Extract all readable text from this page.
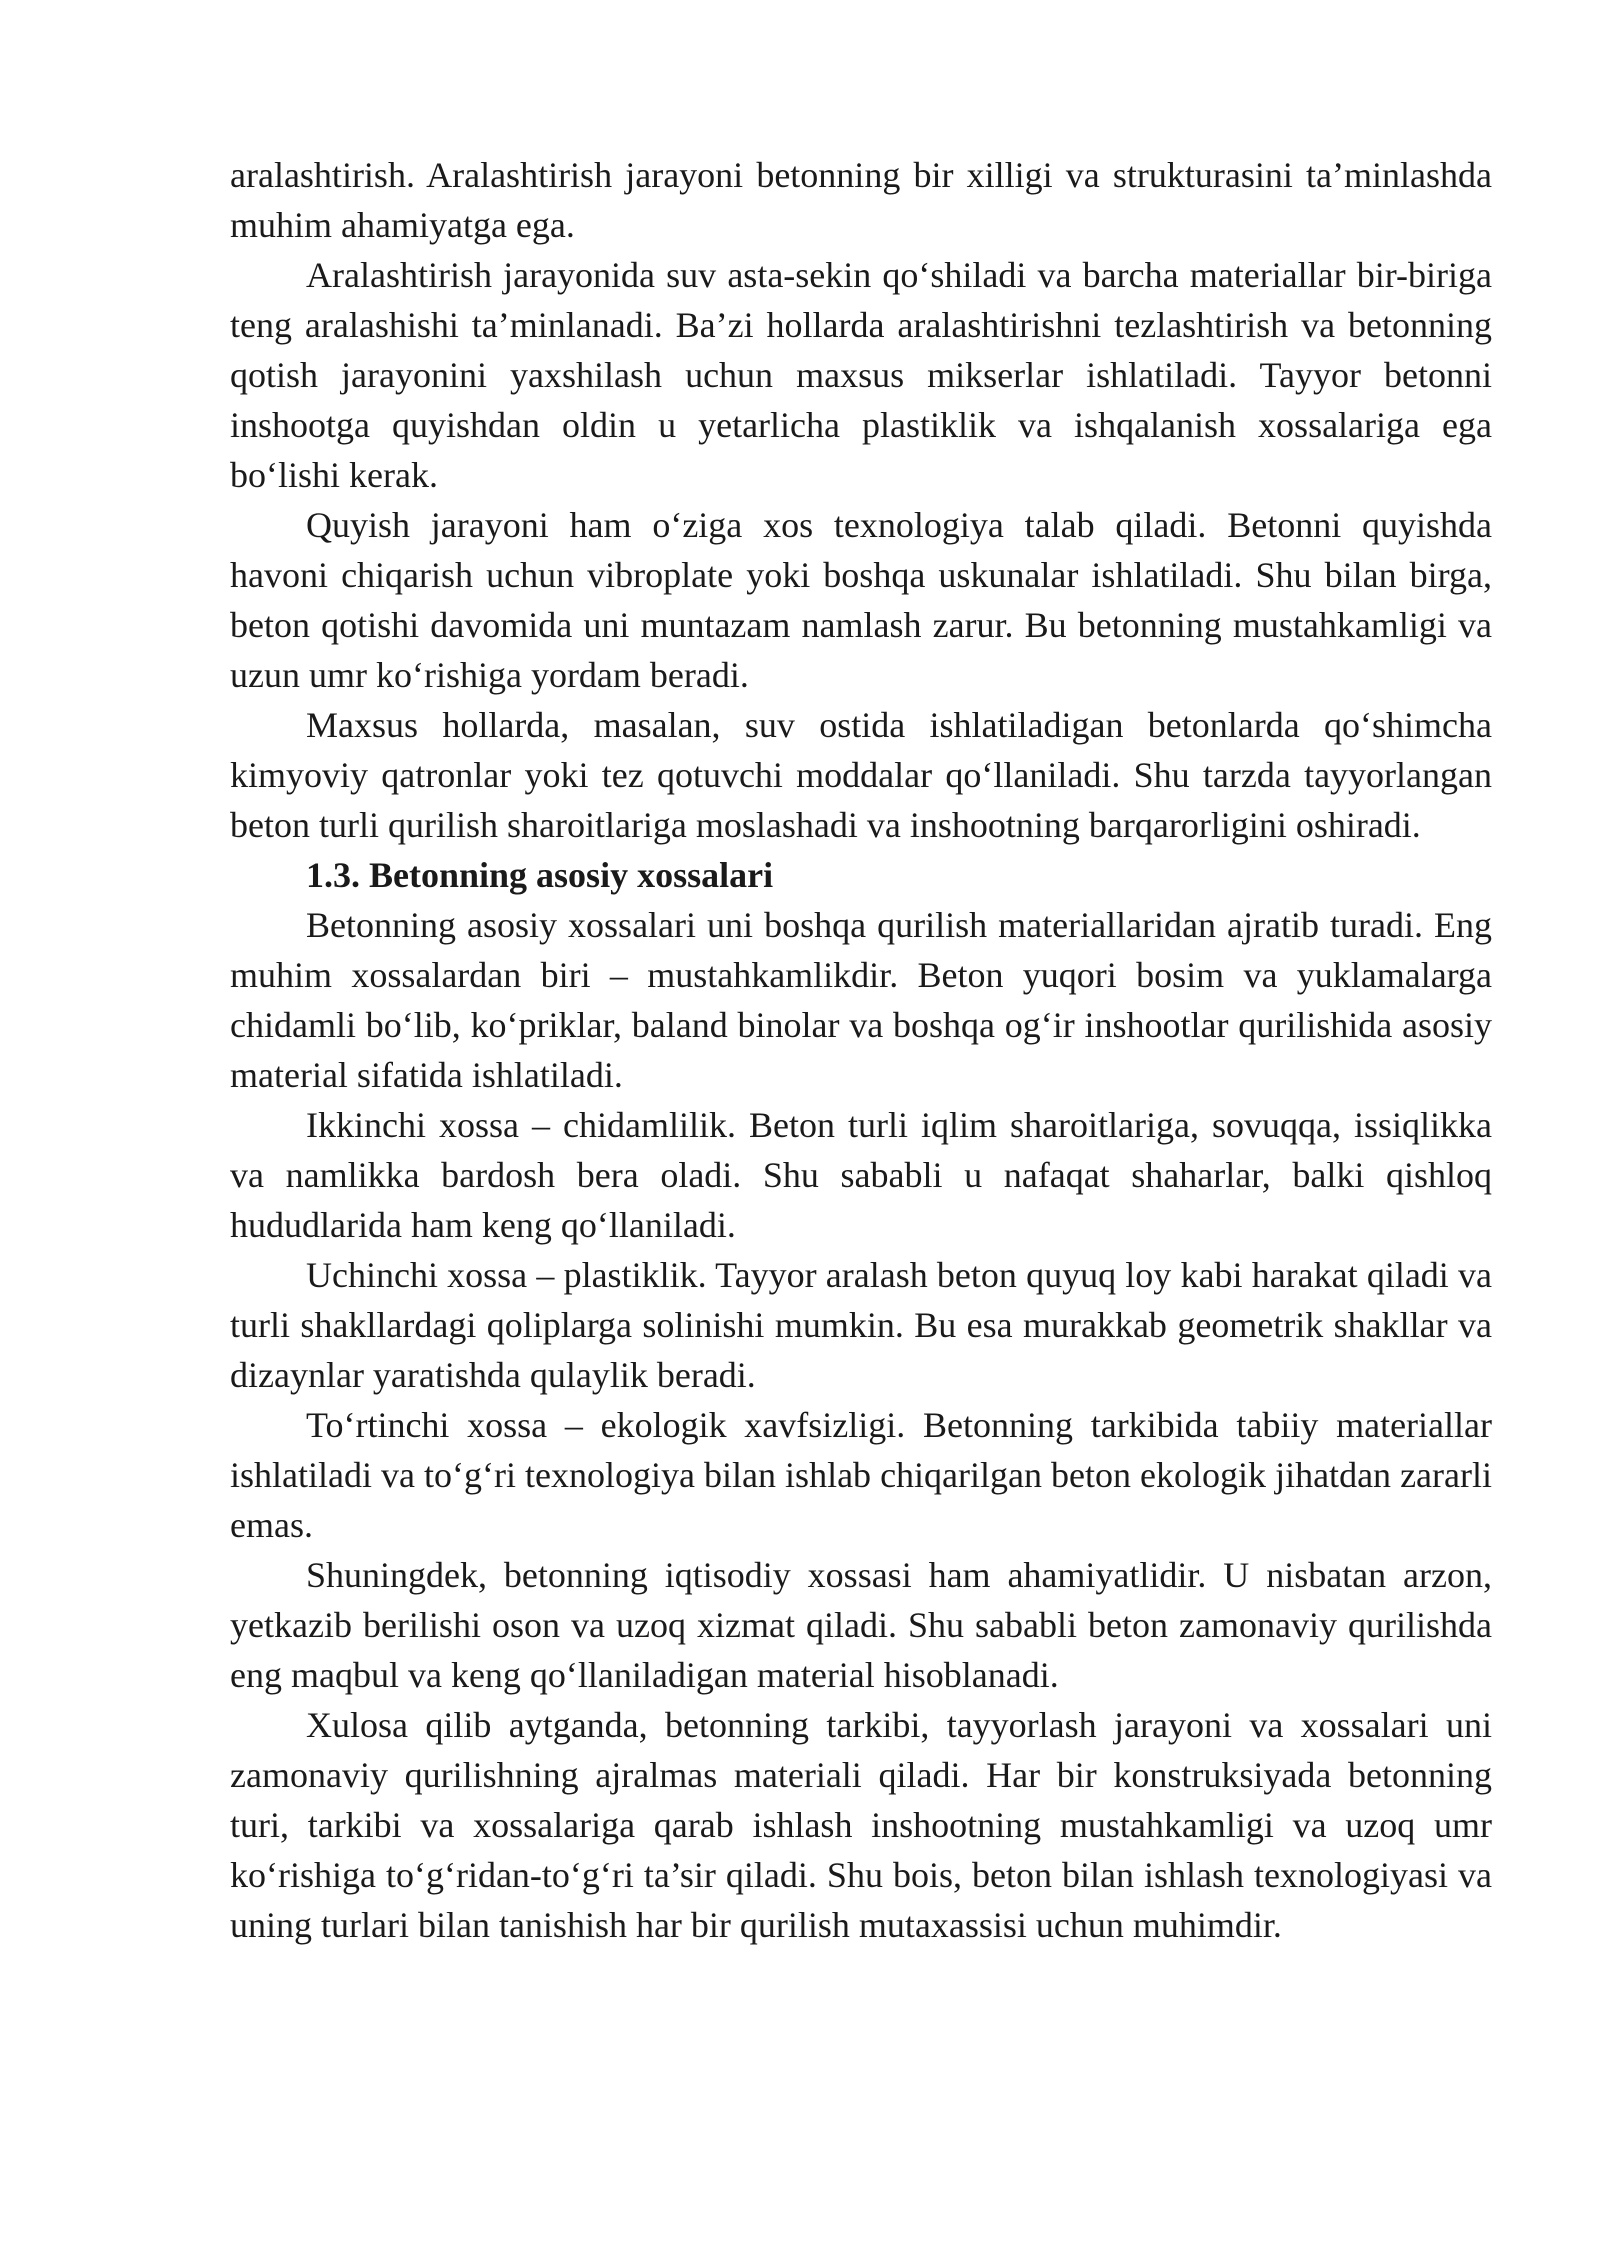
aralashtirish. Aralashtirish jarayoni betonning bir xilligi va strukturasini ta’minlashda muhim ahamiyatga ega.

Aralashtirish jarayonida suv asta-sekin qo‘shiladi va barcha materiallar bir-biriga teng aralashishi ta’minlanadi. Ba’zi hollarda aralashtirishni tezlashtirish va betonning qotish jarayonini yaxshilash uchun maxsus mikserlar ishlatiladi. Tayyor betonni inshootga quyishdan oldin u yetarlicha plastiklik va ishqalanish xossalariga ega bo‘lishi kerak.

Quyish jarayoni ham o‘ziga xos texnologiya talab qiladi. Betonni quyishda havoni chiqarish uchun vibroplate yoki boshqa uskunalar ishlatiladi. Shu bilan birga, beton qotishi davomida uni muntazam namlash zarur. Bu betonning mustahkamligi va uzun umr ko‘rishiga yordam beradi.

Maxsus hollarda, masalan, suv ostida ishlatiladigan betonlarda qo‘shimcha kimyoviy qatronlar yoki tez qotuvchi moddalar qo‘llaniladi. Shu tarzda tayyorlangan beton turli qurilish sharoitlariga moslashadi va inshootning barqarorligini oshiradi.

1.3. Betonning asosiy xossalari

Betonning asosiy xossalari uni boshqa qurilish materiallaridan ajratib turadi. Eng muhim xossalardan biri – mustahkamlikdir. Beton yuqori bosim va yuklamalarga chidamli bo‘lib, ko‘priklar, baland binolar va boshqa og‘ir inshootlar qurilishida asosiy material sifatida ishlatiladi.

Ikkinchi xossa – chidamlilik. Beton turli iqlim sharoitlariga, sovuqqa, issiqlikka va namlikka bardosh bera oladi. Shu sababli u nafaqat shaharlar, balki qishloq hududlarida ham keng qo‘llaniladi.

Uchinchi xossa – plastiklik. Tayyor aralash beton quyuq loy kabi harakat qiladi va turli shakllardagi qoliplarga solinishi mumkin. Bu esa murakkab geometrik shakllar va dizaynlar yaratishda qulaylik beradi.

To‘rtinchi xossa – ekologik xavfsizligi. Betonning tarkibida tabiiy materiallar ishlatiladi va to‘g‘ri texnologiya bilan ishlab chiqarilgan beton ekologik jihatdan zararli emas.

Shuningdek, betonning iqtisodiy xossasi ham ahamiyatlidir. U nisbatan arzon, yetkazib berilishi oson va uzoq xizmat qiladi. Shu sababli beton zamonaviy qurilishda eng maqbul va keng qo‘llaniladigan material hisoblanadi.

Xulosa qilib aytganda, betonning tarkibi, tayyorlash jarayoni va xossalari uni zamonaviy qurilishning ajralmas materiali qiladi. Har bir konstruksiyada betonning turi, tarkibi va xossalariga qarab ishlash inshootning mustahkamligi va uzoq umr ko‘rishiga to‘g‘ridan-to‘g‘ri ta’sir qiladi. Shu bois, beton bilan ishlash texnologiyasi va uning turlari bilan tanishish har bir qurilish mutaxassisi uchun muhimdir.
